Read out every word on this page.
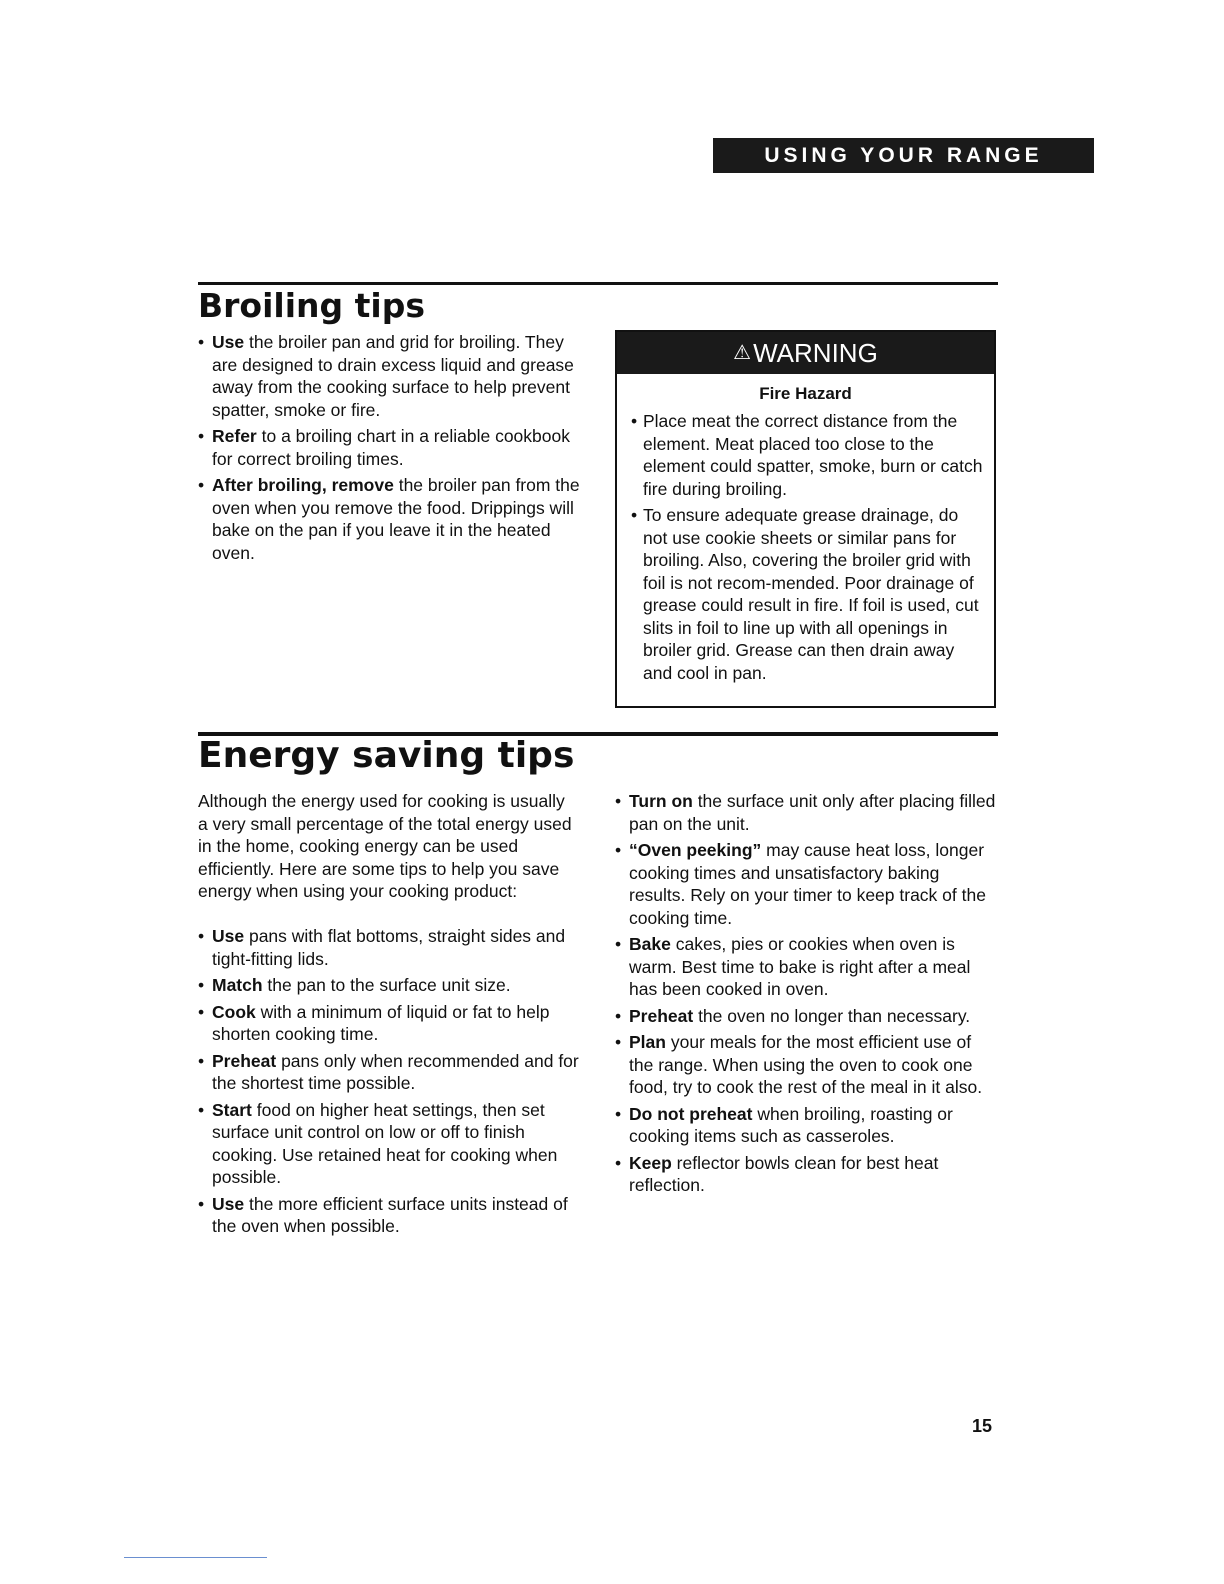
USING YOUR RANGE
Broiling tips
• Use the broiler pan and grid for broiling. They are designed to drain excess liquid and grease away from the cooking surface to help prevent spatter, smoke or fire.
• Refer to a broiling chart in a reliable cookbook for correct broiling times.
• After broiling, remove the broiler pan from the oven when you remove the food. Drippings will bake on the pan if you leave it in the heated oven.
⚠ WARNING
Fire Hazard
• Place meat the correct distance from the element. Meat placed too close to the element could spatter, smoke, burn or catch fire during broiling.
• To ensure adequate grease drainage, do not use cookie sheets or similar pans for broiling. Also, covering the broiler grid with foil is not recom-mended. Poor drainage of grease could result in fire. If foil is used, cut slits in foil to line up with all openings in broiler grid. Grease can then drain away and cool in pan.
Energy saving tips

Although the energy used for cooking is usually a very small percentage of the total energy used in the home, cooking energy can be used efficiently. Here are some tips to help you save energy when using your cooking product:

• Use pans with flat bottoms, straight sides and tight-fitting lids.
• Match the pan to the surface unit size.
• Cook with a minimum of liquid or fat to help shorten cooking time.
• Preheat pans only when recommended and for the shortest time possible.
• Start food on higher heat settings, then set surface unit control on low or off to finish cooking. Use retained heat for cooking when possible.
• Use the more efficient surface units instead of the oven when possible.
• Turn on the surface unit only after placing filled pan on the unit.
• “Oven peeking” may cause heat loss, longer cooking times and unsatisfactory baking results. Rely on your timer to keep track of the cooking time.
• Bake cakes, pies or cookies when oven is warm. Best time to bake is right after a meal has been cooked in oven.
• Preheat the oven no longer than necessary.
• Plan your meals for the most efficient use of the range. When using the oven to cook one food, try to cook the rest of the meal in it also.
• Do not preheat when broiling, roasting or cooking items such as casseroles.
• Keep reflector bowls clean for best heat reflection.
15
